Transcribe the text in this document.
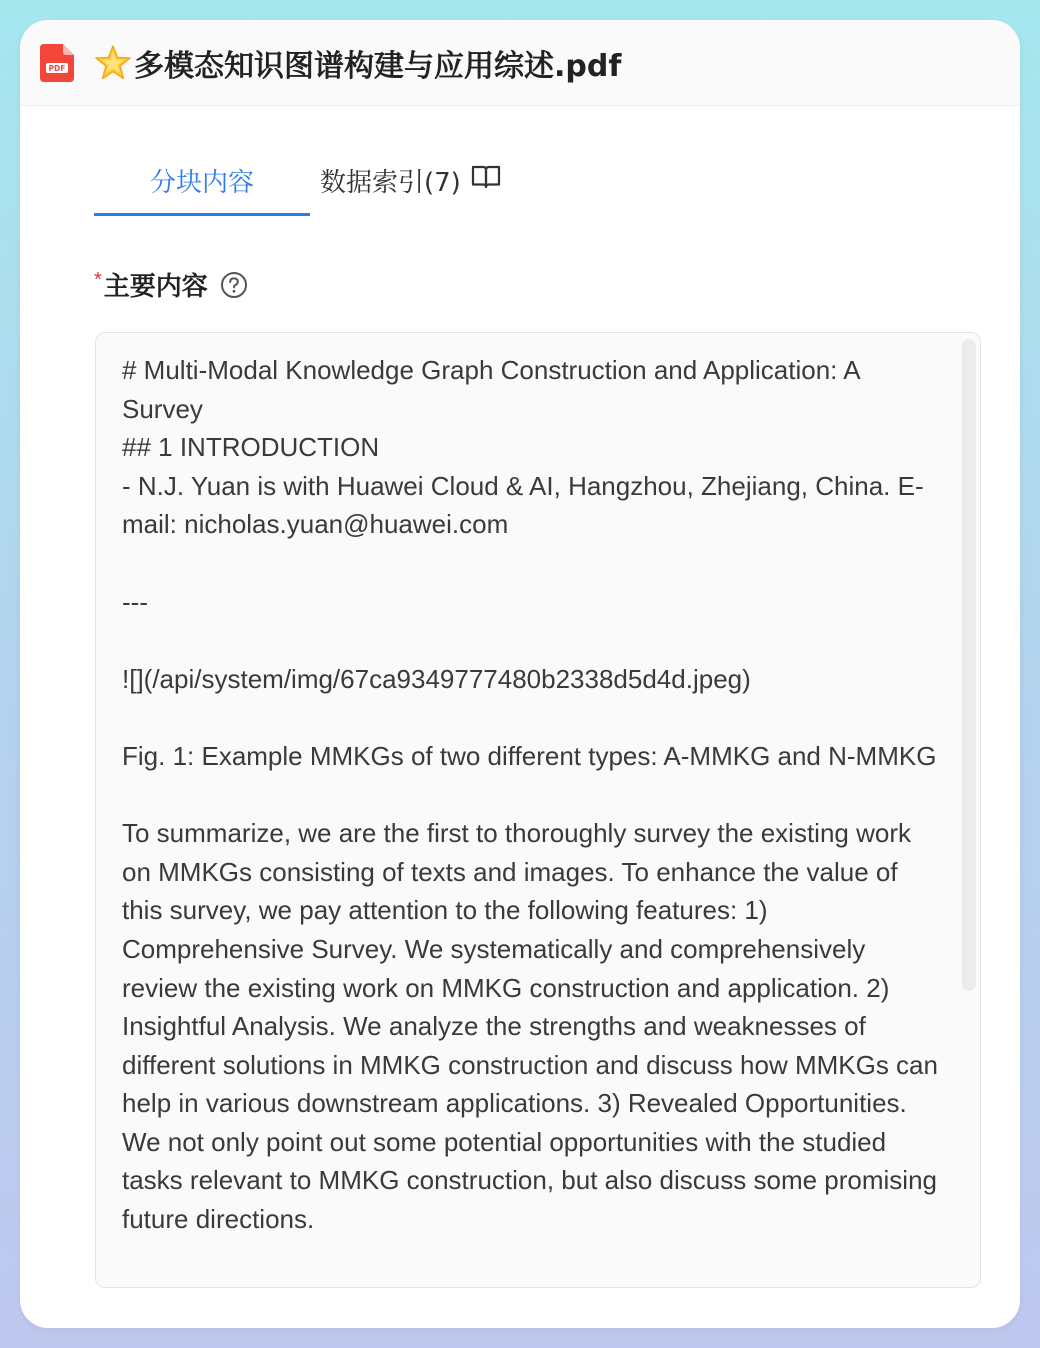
PDF 多模态知识图谱构建与应用综述.pdf
分块内容	数据索引(7)
* 主要内容
# Multi-Modal Knowledge Graph Construction and Application: A Survey
## 1 INTRODUCTION
- N.J. Yuan is with Huawei Cloud & AI, Hangzhou, Zhejiang, China. E-mail: nicholas.yuan@huawei.com

---

![](/api/system/img/67ca9349777480b2338d5d4d.jpeg)

Fig. 1: Example MMKGs of two different types: A-MMKG and N-MMKG

To summarize, we are the first to thoroughly survey the existing work on MMKGs consisting of texts and images. To enhance the value of this survey, we pay attention to the following features: 1) Comprehensive Survey. We systematically and comprehensively review the existing work on MMKG construction and application. 2) Insightful Analysis. We analyze the strengths and weaknesses of different solutions in MMKG construction and discuss how MMKGs can help in various downstream applications. 3) Revealed Opportunities. We not only point out some potential opportunities with the studied tasks relevant to MMKG construction, but also discuss some promising future directions.
